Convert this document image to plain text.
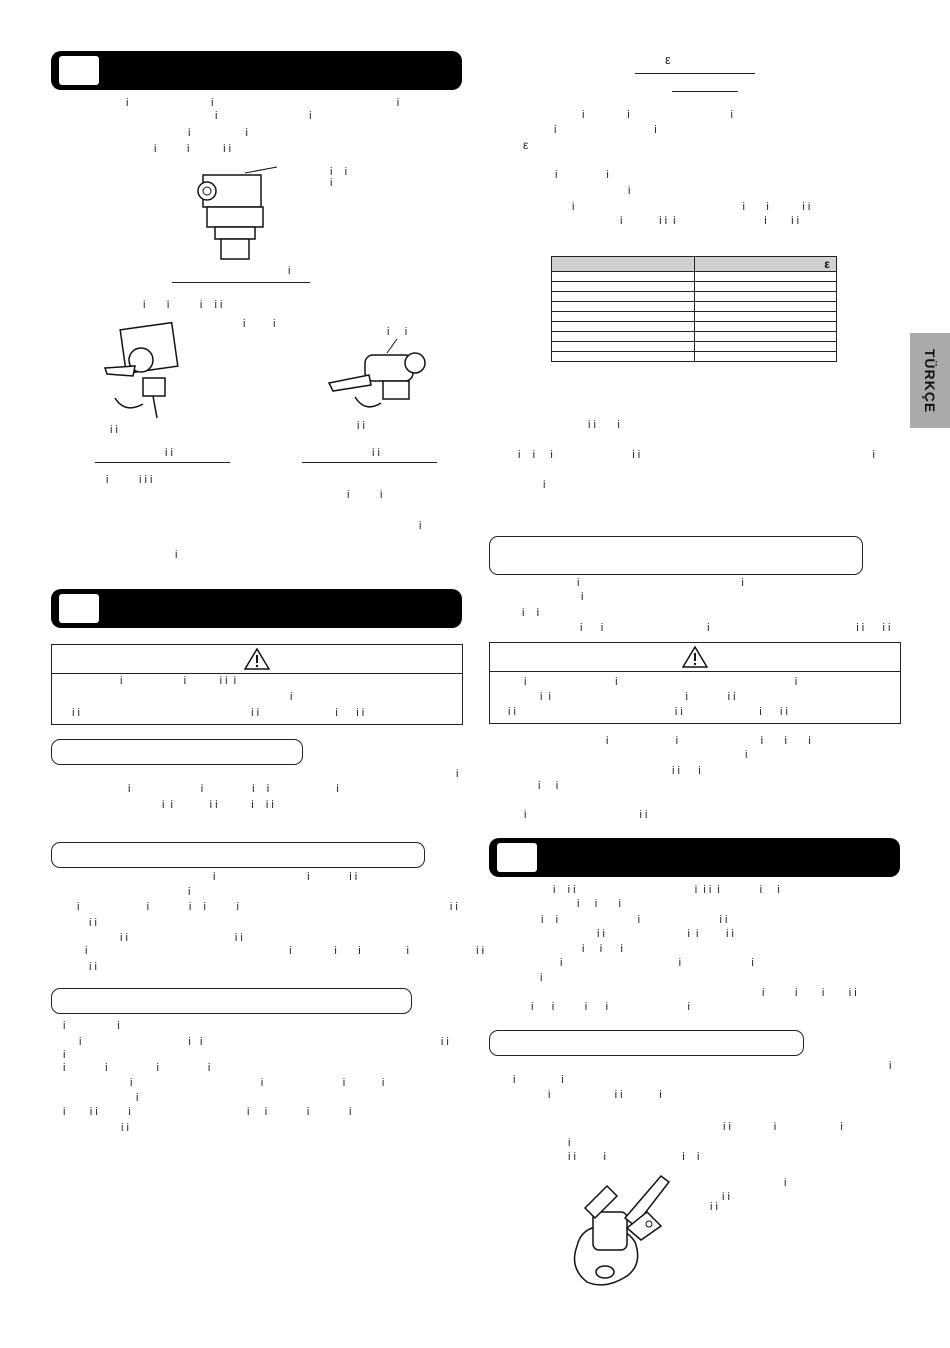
TÜRKÇE
i                           i                                                            i
i                              i
i                  i
i          i           i i
i    i
i
i
i       i          i    i i
i         i
i     i
i i	i i
i i	i i
i          i i i
i          i
i
i
i                    i           i i  i
i
i i                                                        i i                         i      i i
i
i                       i                i    i                      i
i  i            i i           i    i i
i                              i             i i
i
i                      i             i    i          i                                                                     i i
i i
i i                                   i i
i                                                                  i              i       i               i                      i i
i i
i                 i
i                                   i   i                                                                              i i
i
i             i                i                i
i                                          i                          i            i
i
i        i i          i                                      i     i             i             i
i i
ε
i              i                                 i
i                                i
ε
i                i
i
i                                                       i       i           i i
i            i i  i                             i        i i
	ε

i i       i
i    i     i                          i i                                                                            i
i
i                                                     i
i
i    i
i      i                                  i                                                i i      i i
i                             i                                                          i
i  i                                            i             i i
i i                                                    i i                         i      i i
i                      i                           i       i       i
i
i i      i
i     i
i                                     i i
i    i i                                       i  i i  i             i     i
i     i       i
i    i                          i                          i i
i i                           i  i         i i
i     i      i
i                                      i                       i
i
i          i        i        i i
i      i          i      i                          i
i
i               i
i                     i i            i
i i              i                     i
i
i i         i                         i    i
i
i i
i i
